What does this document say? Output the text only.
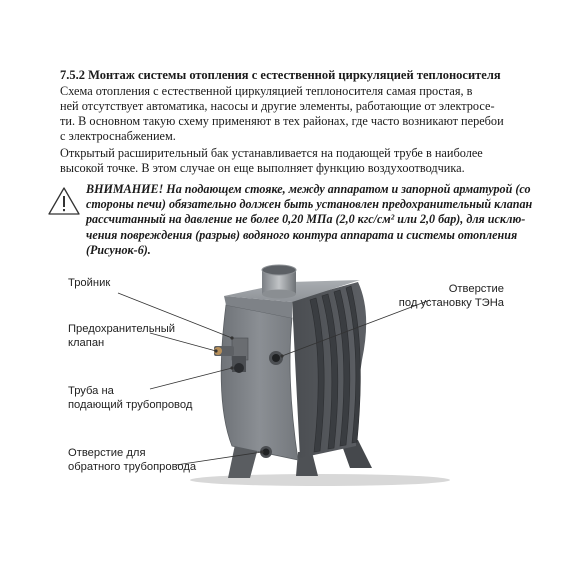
7.5.2 Монтаж системы отопления с естественной циркуляцией теплоносителя
Схема отопления с естественной циркуляцией теплоносителя самая простая, в
ней отсутствует автоматика, насосы и другие элементы, работающие от электросе-
ти. В основном такую схему применяют в тех районах, где часто возникают перебои
с электроснабжением.
Открытый расширительный бак устанавливается на подающей трубе в наиболее
высокой точке. В этом случае он еще выполняет функцию воздухоотводчика.
ВНИМАНИЕ! На подающем стояке, между аппаратом и запорной арматурой (со
стороны печи) обязательно должен быть установлен предохранительный клапан
рассчитанный на давление не более 0,20 МПа (2,0 кгс/см² или 2,0 бар), для исклю-
чения повреждения (разрыв) водяного контура аппарата и системы отопления
(Рисунок-6).
Тройник
Предохранительный
клапан
Труба на
подающий трубопровод
Отверстие для
обратного трубопровода
Отверстие
под установку ТЭНа
